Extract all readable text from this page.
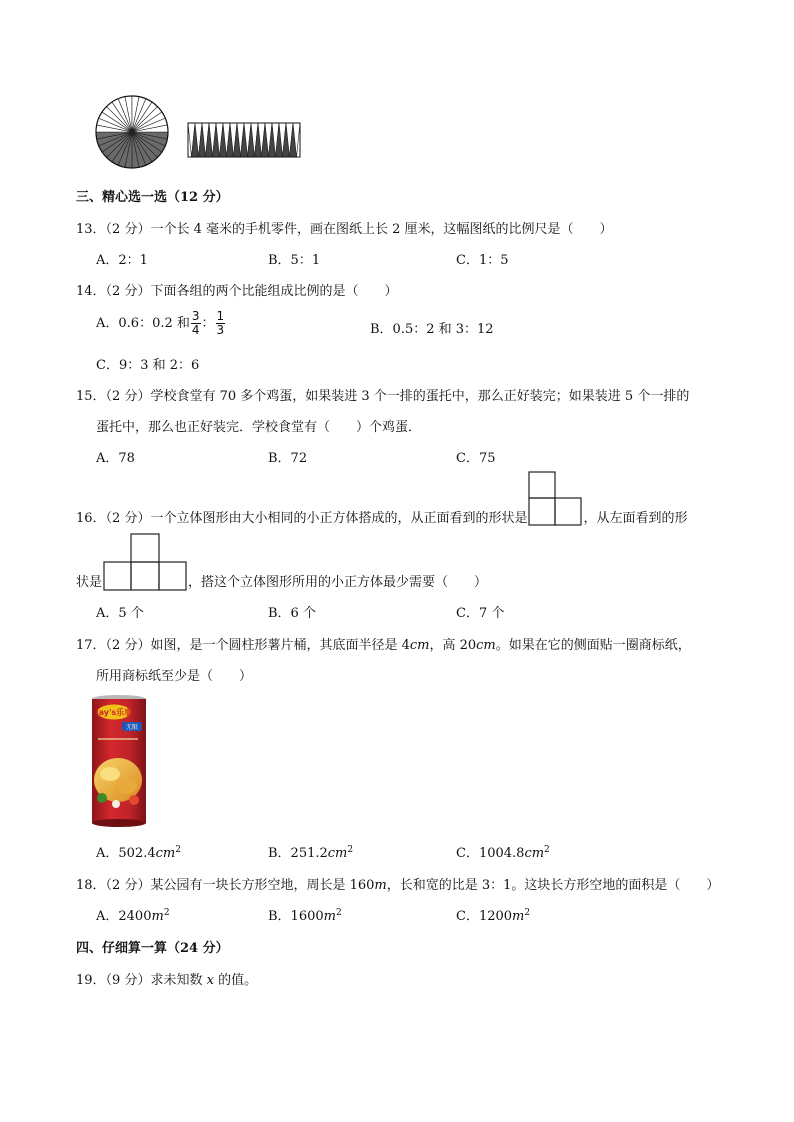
三、精心选一选（12 分）
13．（2 分）一个长 4 毫米的手机零件，画在图纸上长 2 厘米，这幅图纸的比例尺是（　　）
A．2：1	B．5：1	C．1：5
14．（2 分）下面各组的两个比能组成比例的是（　　）
A．0.6：0.2 和 $\frac{3}{4}$ ： $\frac{1}{3}$	B．0.5：2 和 3：12
C．9：3 和 2：6
15．（2 分）学校食堂有 70 多个鸡蛋，如果装进 3 个一排的蛋托中，那么正好装完；如果装进 5 个一排的
蛋托中，那么也正好装完．学校食堂有（　　）个鸡蛋．
A．78	B．72	C．75
16．（2 分）一个立体图形由大小相同的小正方体搭成的，从正面看到的形状是	，从左面看到的形
状是	，搭这个立体图形所用的小正方体最少需要（　　）
A．5 个	B．6 个	C．7 个
17．（2 分）如图，是一个圆柱形薯片桶，其底面半径是 4cm，高 20cm。如果在它的侧面贴一圈商标纸，
所用商标纸至少是（　　）
lay's乐事
无限
A．$502.4cm^2$	B．$251.2cm^2$	C．$1004.8cm^2$
18．（2 分）某公园有一块长方形空地，周长是 160m，长和宽的比是 3：1。这块长方形空地的面积是（　　）
A．$2400m^2$	B．$1600m^2$	C．$1200m^2$
四、仔细算一算（24 分）
19．（9 分）求未知数 x 的值。
